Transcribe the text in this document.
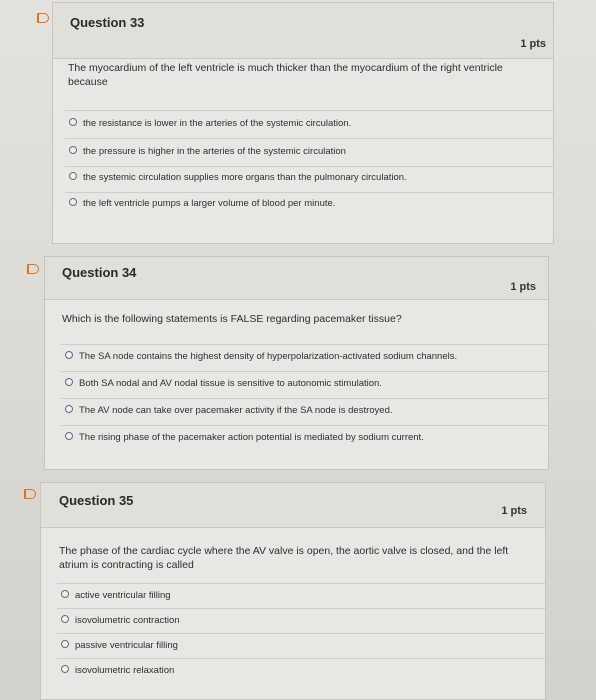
Question 33
1 pts
The myocardium of the left ventricle is much thicker than the myocardium of the right ventricle because
the resistance is lower in the arteries of the systemic circulation.
the pressure is higher in the arteries of the systemic circulation
the systemic circulation supplies more organs than the pulmonary circulation.
the left ventricle pumps a larger volume of blood per minute.
Question 34
1 pts
Which is the following statements is FALSE regarding pacemaker tissue?
The SA node contains the highest density of hyperpolarization-activated sodium channels.
Both SA nodal and AV nodal tissue is sensitive to autonomic stimulation.
The AV node can take over pacemaker activity if the SA node is destroyed.
The rising phase of the pacemaker action potential is mediated by sodium current.
Question 35
1 pts
The phase of the cardiac cycle where the AV valve is open, the aortic valve is closed, and the left atrium is contracting is called
active ventricular filling
isovolumetric contraction
passive ventricular filling
isovolumetric relaxation
